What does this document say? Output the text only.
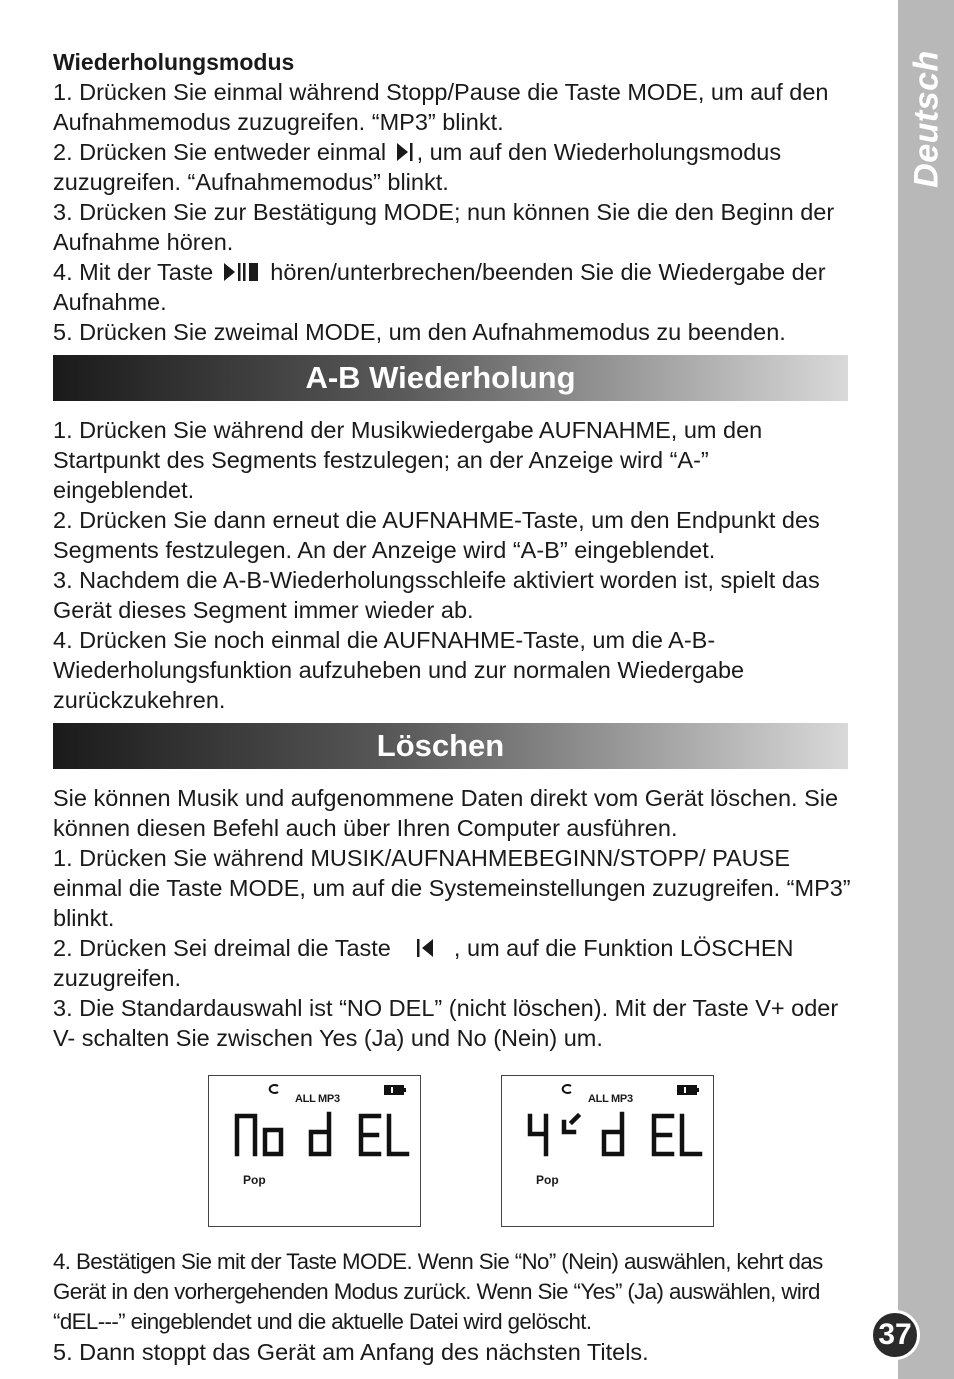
Deutsch
37
Wiederholungsmodus

1. Drücken Sie einmal während Stopp/Pause die Taste MODE, um auf den Aufnahmemodus zuzugreifen. “MP3” blinkt.

2. Drücken Sie entweder einmal , um auf den Wiederholungsmodus zuzugreifen. “Aufnahmemodus” blinkt.

3. Drücken Sie zur Bestätigung MODE; nun können Sie die den Beginn der Aufnahme hören.

4. Mit der Taste  hören/unterbrechen/beenden Sie die Wiedergabe der Aufnahme.

5. Drücken Sie zweimal MODE, um den Aufnahmemodus zu beenden.

A-B Wiederholung

1. Drücken Sie während der Musikwiedergabe AUFNAHME, um den Startpunkt des Segments festzulegen; an der Anzeige wird “A-” eingeblendet.

2. Drücken Sie dann erneut die AUFNAHME-Taste, um den Endpunkt des Segments festzulegen. An der Anzeige wird “A-B” eingeblendet.

3. Nachdem die A-B-Wiederholungsschleife aktiviert worden ist, spielt das Gerät dieses Segment immer wieder ab.

4. Drücken Sie noch einmal die AUFNAHME-Taste, um die A-B-Wiederholungsfunktion aufzuheben und zur normalen Wiedergabe zurückzukehren.

Löschen

Sie können Musik und aufgenommene Daten direkt vom Gerät löschen. Sie können diesen Befehl auch über Ihren Computer ausführen.

1. Drücken Sie während MUSIK/AUFNAHMEBEGINN/STOPP/ PAUSE einmal die Taste MODE, um auf die Systemeinstellungen zuzugreifen. “MP3” blinkt.

2. Drücken Sei dreimal die Taste  , um auf die Funktion LÖSCHEN zuzugreifen.

3. Die Standardauswahl ist “NO DEL” (nicht löschen). Mit der Taste V+ oder V- schalten Sie zwischen Yes (Ja) und No (Nein) um.

ALL MP3
Pop
ALL MP3
Pop

4. Bestätigen Sie mit der Taste MODE. Wenn Sie “No” (Nein) auswählen, kehrt das Gerät in den vorhergehenden Modus zurück. Wenn Sie “Yes” (Ja) auswählen, wird “dEL---” eingeblendet und die aktuelle Datei wird gelöscht.

5. Dann stoppt das Gerät am Anfang des nächsten Titels.
